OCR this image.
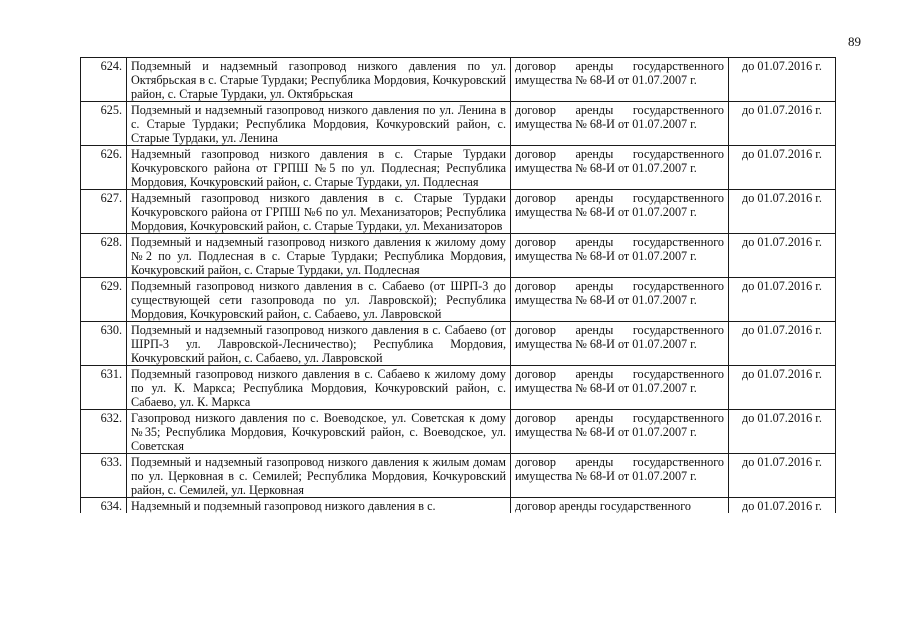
89
624.	Подземный и надземный газопровод низкого давления по ул. Октябрьская в с. Старые Турдаки; Республика Мордовия, Кочкуровский район, с. Старые Турдаки, ул. Октябрьская	договор аренды государственного имущества № 68-И от 01.07.2007 г.	до 01.07.2016 г.
625.	Подземный и надземный газопровод низкого давления по ул. Ленина в с. Старые Турдаки; Республика Мордовия, Кочкуровский район, с. Старые Турдаки, ул. Ленина	договор аренды государственного имущества № 68-И от 01.07.2007 г.	до 01.07.2016 г.
626.	Надземный газопровод низкого давления в с. Старые Турдаки Кочкуровского района от ГРПШ №5 по ул. Подлесная; Республика Мордовия, Кочкуровский район, с. Старые Турдаки, ул. Подлесная	договор аренды государственного имущества № 68-И от 01.07.2007 г.	до 01.07.2016 г.
627.	Надземный газопровод низкого давления в с. Старые Турдаки Кочкуровского района от ГРПШ №6 по ул. Механизаторов; Республика Мордовия, Кочкуровский район, с. Старые Турдаки, ул. Механизаторов	договор аренды государственного имущества № 68-И от 01.07.2007 г.	до 01.07.2016 г.
628.	Подземный и надземный газопровод низкого давления к жилому дому №2 по ул. Подлесная в с. Старые Турдаки; Республика Мордовия, Кочкуровский район, с. Старые Турдаки, ул. Подлесная	договор аренды государственного имущества № 68-И от 01.07.2007 г.	до 01.07.2016 г.
629.	Подземный газопровод низкого давления в с. Сабаево (от ШРП-3 до существующей сети газопровода по ул. Лавровской); Республика Мордовия, Кочкуровский район, с. Сабаево, ул. Лавровской	договор аренды государственного имущества № 68-И от 01.07.2007 г.	до 01.07.2016 г.
630.	Подземный и надземный газопровод низкого давления в с. Сабаево (от ШРП-3 ул. Лавровской-Лесничество); Республика Мордовия, Кочкуровский район, с. Сабаево, ул. Лавровской	договор аренды государственного имущества № 68-И от 01.07.2007 г.	до 01.07.2016 г.
631.	Подземный газопровод низкого давления в с. Сабаево к жилому дому по ул. К. Маркса; Республика Мордовия, Кочкуровский район, с. Сабаево, ул. К. Маркса	договор аренды государственного имущества № 68-И от 01.07.2007 г.	до 01.07.2016 г.
632.	Газопровод низкого давления по с. Воеводское, ул. Советская к дому №35; Республика Мордовия, Кочкуровский район, с. Воеводское, ул. Советская	договор аренды государственного имущества № 68-И от 01.07.2007 г.	до 01.07.2016 г.
633.	Подземный и надземный газопровод низкого давления к жилым домам по ул. Церковная в с. Семилей; Республика Мордовия, Кочкуровский район, с. Семилей, ул. Церковная	договор аренды государственного имущества № 68-И от 01.07.2007 г.	до 01.07.2016 г.
634.	Надземный и подземный газопровод низкого давления в с.	договор аренды государственного	до 01.07.2016 г.
